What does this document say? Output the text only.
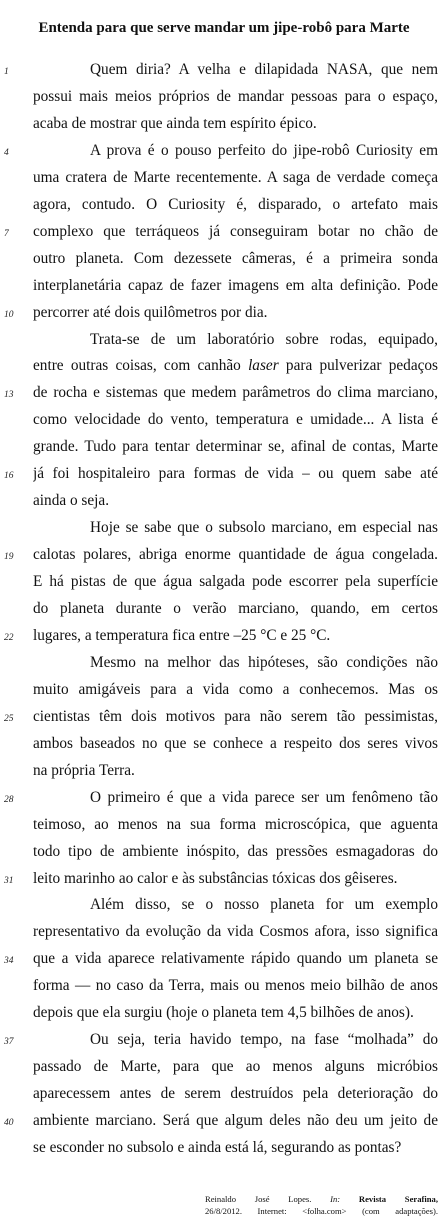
Entenda para que serve mandar um jipe-robô para Marte
Quem diria? A velha e dilapidada NASA, que nem
possui mais meios próprios de mandar pessoas para o espaço,
acaba de mostrar que ainda tem espírito épico.
A prova é o pouso perfeito do jipe-robô Curiosity em
uma cratera de Marte recentemente. A saga de verdade começa
agora, contudo. O Curiosity é, disparado, o artefato mais
complexo que terráqueos já conseguiram botar no chão de
outro planeta. Com dezessete câmeras, é a primeira sonda
interplanetária capaz de fazer imagens em alta definição. Pode
percorrer até dois quilômetros por dia.
Trata-se de um laboratório sobre rodas, equipado,
entre outras coisas, com canhão laser para pulverizar pedaços
de rocha e sistemas que medem parâmetros do clima marciano,
como velocidade do vento, temperatura e umidade... A lista é
grande. Tudo para tentar determinar se, afinal de contas, Marte
já foi hospitaleiro para formas de vida – ou quem sabe até
ainda o seja.
Hoje se sabe que o subsolo marciano, em especial nas
calotas polares, abriga enorme quantidade de água congelada.
E há pistas de que água salgada pode escorrer pela superfície
do planeta durante o verão marciano, quando, em certos
lugares, a temperatura fica entre –25 °C e 25 °C.
Mesmo na melhor das hipóteses, são condições não
muito amigáveis para a vida como a conhecemos. Mas os
cientistas têm dois motivos para não serem tão pessimistas,
ambos baseados no que se conhece a respeito dos seres vivos
na própria Terra.
O primeiro é que a vida parece ser um fenômeno tão
teimoso, ao menos na sua forma microscópica, que aguenta
todo tipo de ambiente inóspito, das pressões esmagadoras do
leito marinho ao calor e às substâncias tóxicas dos gêiseres.
Além disso, se o nosso planeta for um exemplo
representativo da evolução da vida Cosmos afora, isso significa
que a vida aparece relativamente rápido quando um planeta se
forma — no caso da Terra, mais ou menos meio bilhão de anos
depois que ela surgiu (hoje o planeta tem 4,5 bilhões de anos).
Ou seja, teria havido tempo, na fase “molhada” do
passado de Marte, para que ao menos alguns micróbios
aparecessem antes de serem destruídos pela deterioração do
ambiente marciano. Será que algum deles não deu um jeito de
se esconder no subsolo e ainda está lá, segurando as pontas?
1
4
7
10
13
16
19
22
25
28
31
34
37
40
Reinaldo José Lopes. In: Revista Serafina,
26/8/2012. Internet: <folha.com> (com adaptações).
